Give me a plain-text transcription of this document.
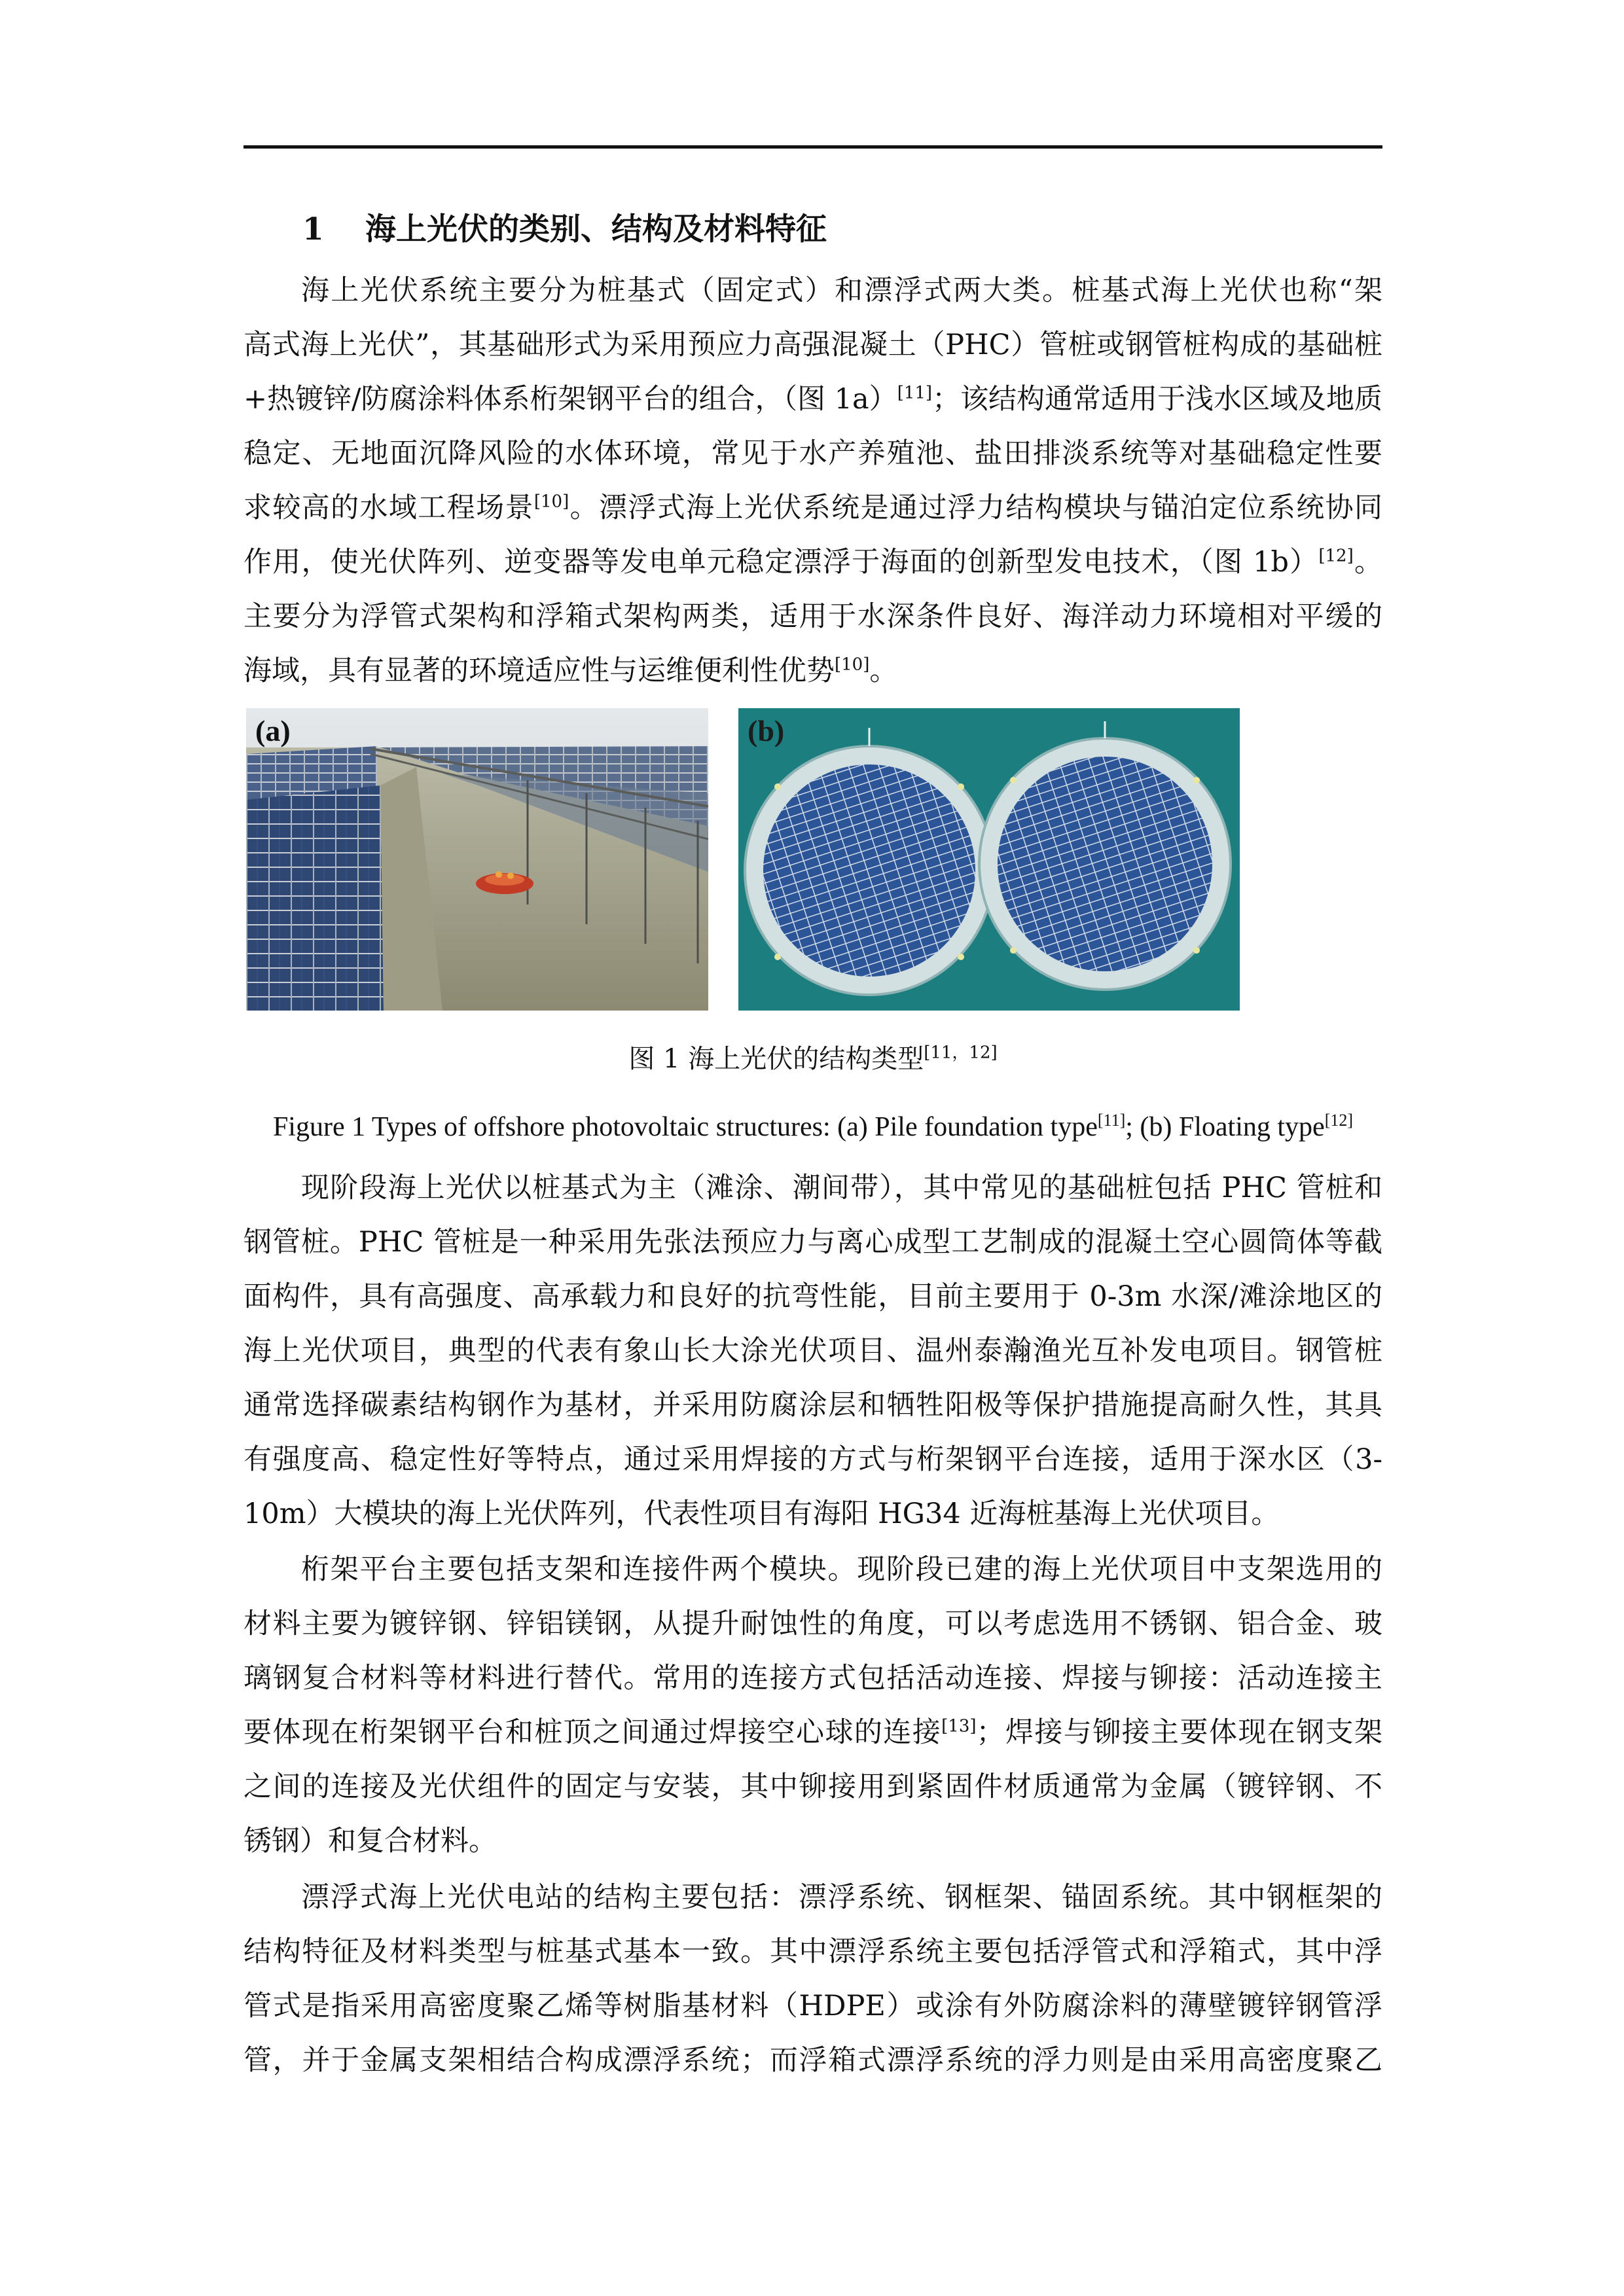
1 海上光伏的类别、结构及材料特征

海上光伏系统主要分为桩基式（固定式）和漂浮式两大类。桩基式海上光伏也称“架
高式海上光伏”，其基础形式为采用预应力高强混凝土（PHC）管桩或钢管桩构成的基础桩
+热镀锌/防腐涂料体系桁架钢平台的组合，（图 1a）[11]；该结构通常适用于浅水区域及地质
稳定、无地面沉降风险的水体环境，常见于水产养殖池、盐田排淡系统等对基础稳定性要
求较高的水域工程场景[10]。漂浮式海上光伏系统是通过浮力结构模块与锚泊定位系统协同
作用，使光伏阵列、逆变器等发电单元稳定漂浮于海面的创新型发电技术，（图 1b）[12]。
主要分为浮管式架构和浮箱式架构两类，适用于水深条件良好、海洋动力环境相对平缓的
海域，具有显著的环境适应性与运维便利性优势[10]。

(a)	(b)
图 1 海上光伏的结构类型[11，12]
Figure 1 Types of offshore photovoltaic structures: (a) Pile foundation type[11]; (b) Floating type[12]

现阶段海上光伏以桩基式为主（滩涂、潮间带），其中常见的基础桩包括 PHC 管桩和
钢管桩。PHC 管桩是一种采用先张法预应力与离心成型工艺制成的混凝土空心圆筒体等截
面构件，具有高强度、高承载力和良好的抗弯性能，目前主要用于 0-3m 水深/滩涂地区的
海上光伏项目，典型的代表有象山长大涂光伏项目、温州泰瀚渔光互补发电项目。钢管桩
通常选择碳素结构钢作为基材，并采用防腐涂层和牺牲阳极等保护措施提高耐久性，其具
有强度高、稳定性好等特点，通过采用焊接的方式与桁架钢平台连接，适用于深水区（3-
10m）大模块的海上光伏阵列，代表性项目有海阳 HG34 近海桩基海上光伏项目。

桁架平台主要包括支架和连接件两个模块。现阶段已建的海上光伏项目中支架选用的
材料主要为镀锌钢、锌铝镁钢，从提升耐蚀性的角度，可以考虑选用不锈钢、铝合金、玻
璃钢复合材料等材料进行替代。常用的连接方式包括活动连接、焊接与铆接：活动连接主
要体现在桁架钢平台和桩顶之间通过焊接空心球的连接[13]；焊接与铆接主要体现在钢支架
之间的连接及光伏组件的固定与安装，其中铆接用到紧固件材质通常为金属（镀锌钢、不
锈钢）和复合材料。

漂浮式海上光伏电站的结构主要包括：漂浮系统、钢框架、锚固系统。其中钢框架的
结构特征及材料类型与桩基式基本一致。其中漂浮系统主要包括浮管式和浮箱式，其中浮
管式是指采用高密度聚乙烯等树脂基材料（HDPE）或涂有外防腐涂料的薄壁镀锌钢管浮
管，并于金属支架相结合构成漂浮系统；而浮箱式漂浮系统的浮力则是由采用高密度聚乙
